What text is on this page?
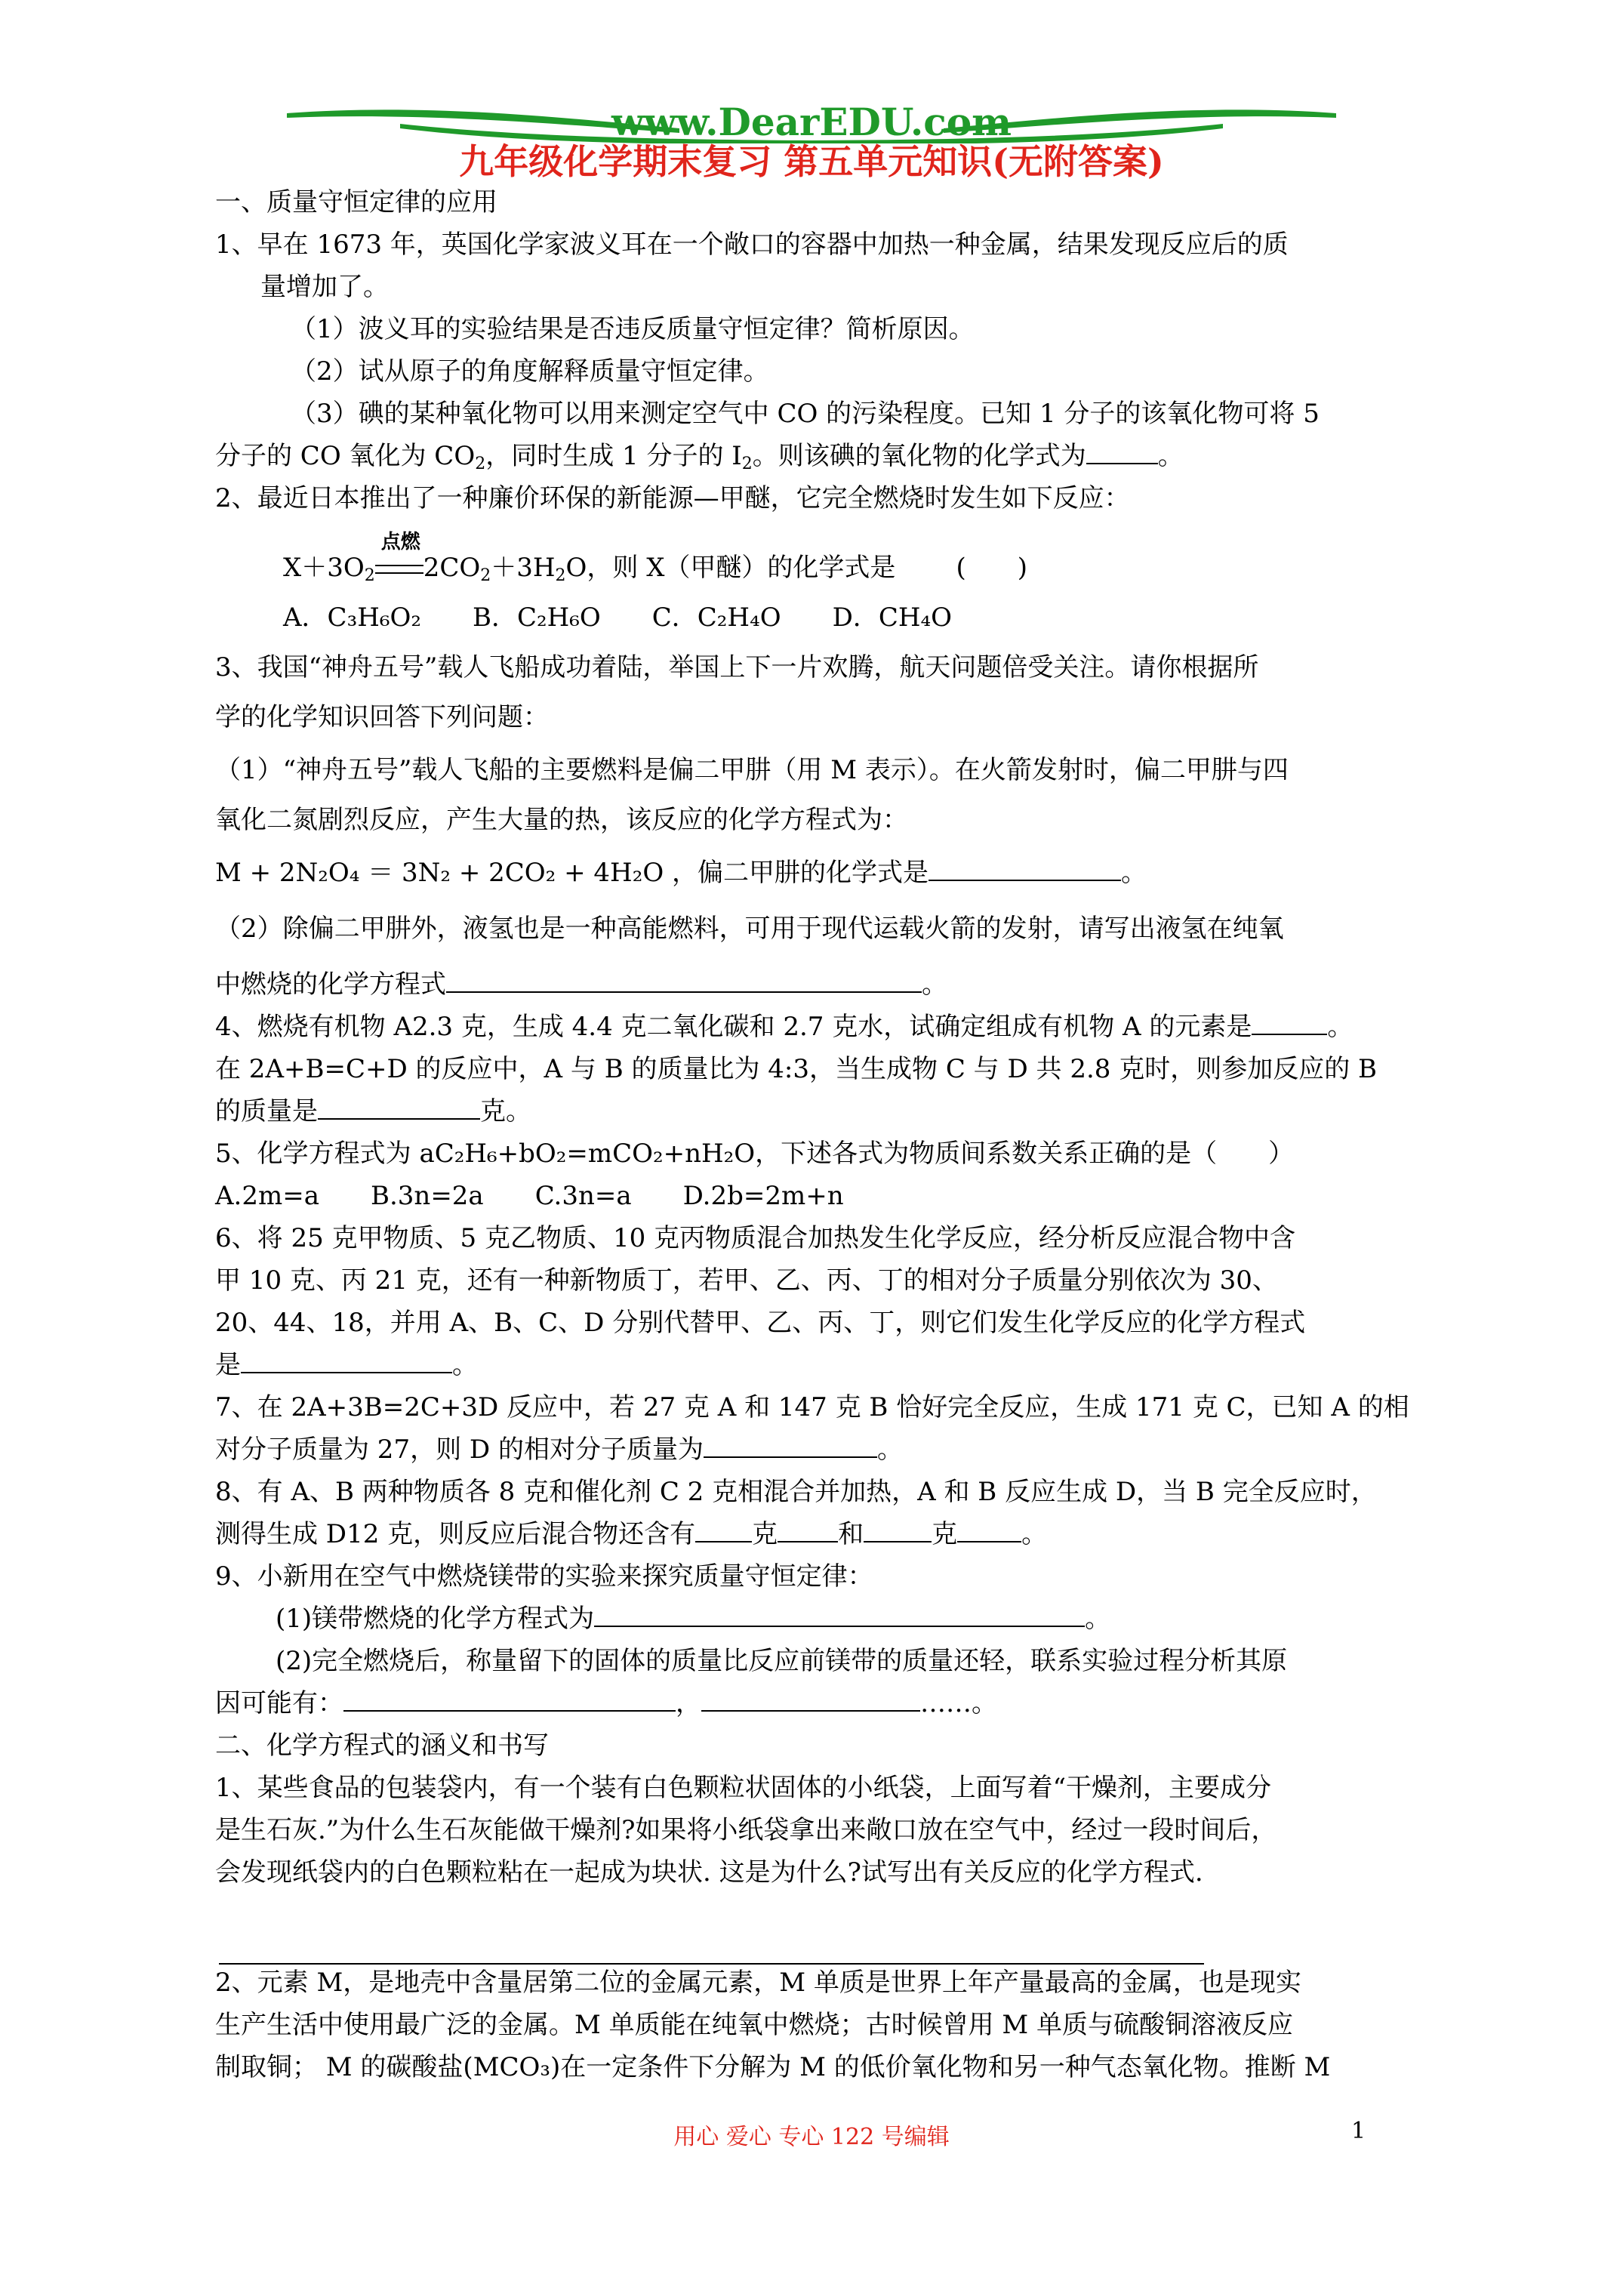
www.DearEDU.com
九年级化学期末复习 第五单元知识(无附答案)
一、质量守恒定律的应用
1、早在 1673 年，英国化学家波义耳在一个敞口的容器中加热一种金属，结果发现反应后的质
量增加了。
（1）波义耳的实验结果是否违反质量守恒定律？简析原因。
（2）试从原子的角度解释质量守恒定律。
（3）碘的某种氧化物可以用来测定空气中 CO 的污染程度。已知 1 分子的该氧化物可将 5
分子的 CO 氧化为 $CO_2$，同时生成 1 分子的 $I_2$。则该碘的氧化物的化学式为	。
2、最近日本推出了一种廉价环保的新能源—甲醚，它完全燃烧时发生如下反应：
$X+3O_2$
点燃
$2CO_2+3H_2O$，则 X（甲醚）的化学式是 (　　)
A．C₃H₆O₂　　B．C₂H₆O　　C．C₂H₄O　　D．CH₄O
3、我国“神舟五号”载人飞船成功着陆，举国上下一片欢腾，航天问题倍受关注。请你根据所
学的化学知识回答下列问题：
（1）“神舟五号”载人飞船的主要燃料是偏二甲肼（用 M 表示）。在火箭发射时，偏二甲肼与四
氧化二氮剧烈反应，产生大量的热，该反应的化学方程式为：
M + 2N₂O₄ ＝ 3N₂ + 2CO₂ + 4H₂O ，偏二甲肼的化学式是	。
（2）除偏二甲肼外，液氢也是一种高能燃料，可用于现代运载火箭的发射，请写出液氢在纯氧
中燃烧的化学方程式	。
4、燃烧有机物 A2.3 克，生成 4.4 克二氧化碳和 2.7 克水，试确定组成有机物 A 的元素是	。
在 2A+B=C+D 的反应中，A 与 B 的质量比为 4:3，当生成物 C 与 D 共 2.8 克时，则参加反应的 B
的质量是	克。
5、化学方程式为 aC₂H₆+bO₂=mCO₂+nH₂O，下述各式为物质间系数关系正确的是（　　）
A.2m=a　　B.3n=2a　　C.3n=a　　D.2b=2m+n
6、将 25 克甲物质、5 克乙物质、10 克丙物质混合加热发生化学反应，经分析反应混合物中含
甲 10 克、丙 21 克，还有一种新物质丁，若甲、乙、丙、丁的相对分子质量分别依次为 30、
20、44、18，并用 A、B、C、D 分别代替甲、乙、丙、丁，则它们发生化学反应的化学方程式
是	。
7、在 2A+3B=2C+3D 反应中，若 27 克 A 和 147 克 B 恰好完全反应，生成 171 克 C，已知 A 的相
对分子质量为 27，则 D 的相对分子质量为	。
8、有 A、B 两种物质各 8 克和催化剂 C 2 克相混合并加热，A 和 B 反应生成 D，当 B 完全反应时，
测得生成 D12 克，则反应后混合物还含有 克 和	克	。
9、小新用在空气中燃烧镁带的实验来探究质量守恒定律：
(1)镁带燃烧的化学方程式为	。
(2)完全燃烧后，称量留下的固体的质量比反应前镁带的质量还轻，联系实验过程分析其原
因可能有：	，	……。
二、化学方程式的涵义和书写
1、某些食品的包装袋内，有一个装有白色颗粒状固体的小纸袋，上面写着“干燥剂，主要成分
是生石灰.”为什么生石灰能做干燥剂?如果将小纸袋拿出来敞口放在空气中，经过一段时间后，
会发现纸袋内的白色颗粒粘在一起成为块状. 这是为什么?试写出有关反应的化学方程式.
2、元素 M，是地壳中含量居第二位的金属元素，M 单质是世界上年产量最高的金属，也是现实
生产生活中使用最广泛的金属。M 单质能在纯氧中燃烧；古时候曾用 M 单质与硫酸铜溶液反应
制取铜； M 的碳酸盐(MCO₃)在一定条件下分解为 M 的低价氧化物和另一种气态氧化物。推断 M
用心 爱心 专心 122 号编辑	1
